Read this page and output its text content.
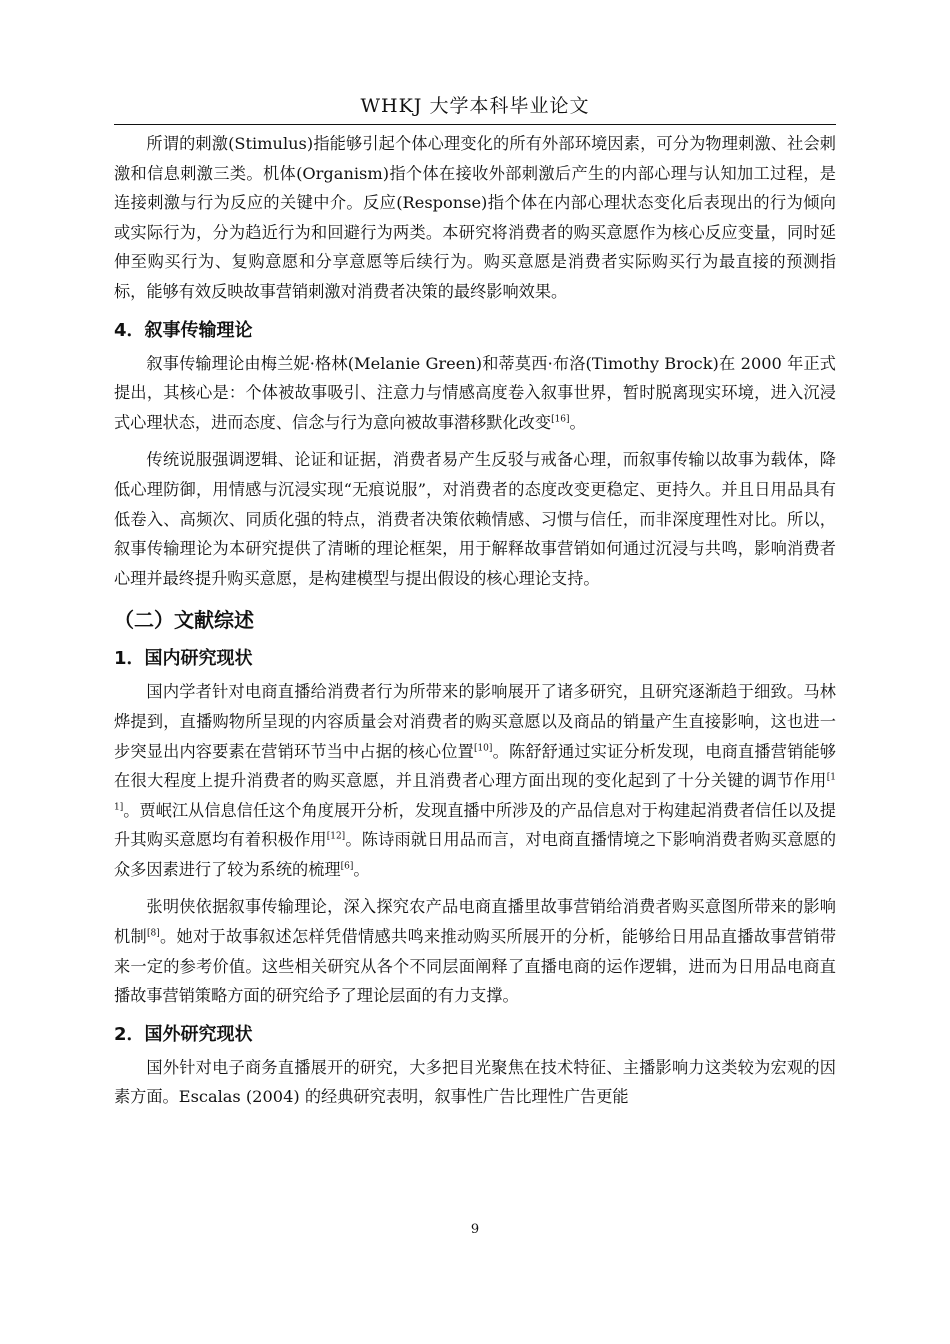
WHKJ 大学本科毕业论文

所谓的刺激(Stimulus)指能够引起个体心理变化的所有外部环境因素，可分为物理刺激、社会刺激和信息刺激三类。机体(Organism)指个体在接收外部刺激后产生的内部心理与认知加工过程，是连接刺激与行为反应的关键中介。反应(Response)指个体在内部心理状态变化后表现出的行为倾向或实际行为，分为趋近行为和回避行为两类。本研究将消费者的购买意愿作为核心反应变量，同时延伸至购买行为、复购意愿和分享意愿等后续行为。购买意愿是消费者实际购买行为最直接的预测指标，能够有效反映故事营销刺激对消费者决策的最终影响效果。

4．叙事传输理论

叙事传输理论由梅兰妮·格林(Melanie Green)和蒂莫西·布洛(Timothy Brock)在 2000 年正式提出，其核心是：个体被故事吸引、注意力与情感高度卷入叙事世界，暂时脱离现实环境，进入沉浸式心理状态，进而态度、信念与行为意向被故事潜移默化改变[16]。

传统说服强调逻辑、论证和证据，消费者易产生反驳与戒备心理，而叙事传输以故事为载体，降低心理防御，用情感与沉浸实现“无痕说服”，对消费者的态度改变更稳定、更持久。并且日用品具有低卷入、高频次、同质化强的特点，消费者决策依赖情感、习惯与信任，而非深度理性对比。所以，叙事传输理论为本研究提供了清晰的理论框架，用于解释故事营销如何通过沉浸与共鸣，影响消费者心理并最终提升购买意愿，是构建模型与提出假设的核心理论支持。

（二）文献综述
1．国内研究现状

国内学者针对电商直播给消费者行为所带来的影响展开了诸多研究，且研究逐渐趋于细致。马林烨提到，直播购物所呈现的内容质量会对消费者的购买意愿以及商品的销量产生直接影响，这也进一步突显出内容要素在营销环节当中占据的核心位置[10]。陈舒舒通过实证分析发现，电商直播营销能够在很大程度上提升消费者的购买意愿，并且消费者心理方面出现的变化起到了十分关键的调节作用[11]。贾岷江从信息信任这个角度展开分析，发现直播中所涉及的产品信息对于构建起消费者信任以及提升其购买意愿均有着积极作用[12]。陈诗雨就日用品而言，对电商直播情境之下影响消费者购买意愿的众多因素进行了较为系统的梳理[6]。

张明侠依据叙事传输理论，深入探究农产品电商直播里故事营销给消费者购买意图所带来的影响机制[8]。她对于故事叙述怎样凭借情感共鸣来推动购买所展开的分析，能够给日用品直播故事营销带来一定的参考价值。这些相关研究从各个不同层面阐释了直播电商的运作逻辑，进而为日用品电商直播故事营销策略方面的研究给予了理论层面的有力支撑。

2．国外研究现状

国外针对电子商务直播展开的研究，大多把目光聚焦在技术特征、主播影响力这类较为宏观的因素方面。Escalas (2004) 的经典研究表明，叙事性广告比理性广告更能

9
